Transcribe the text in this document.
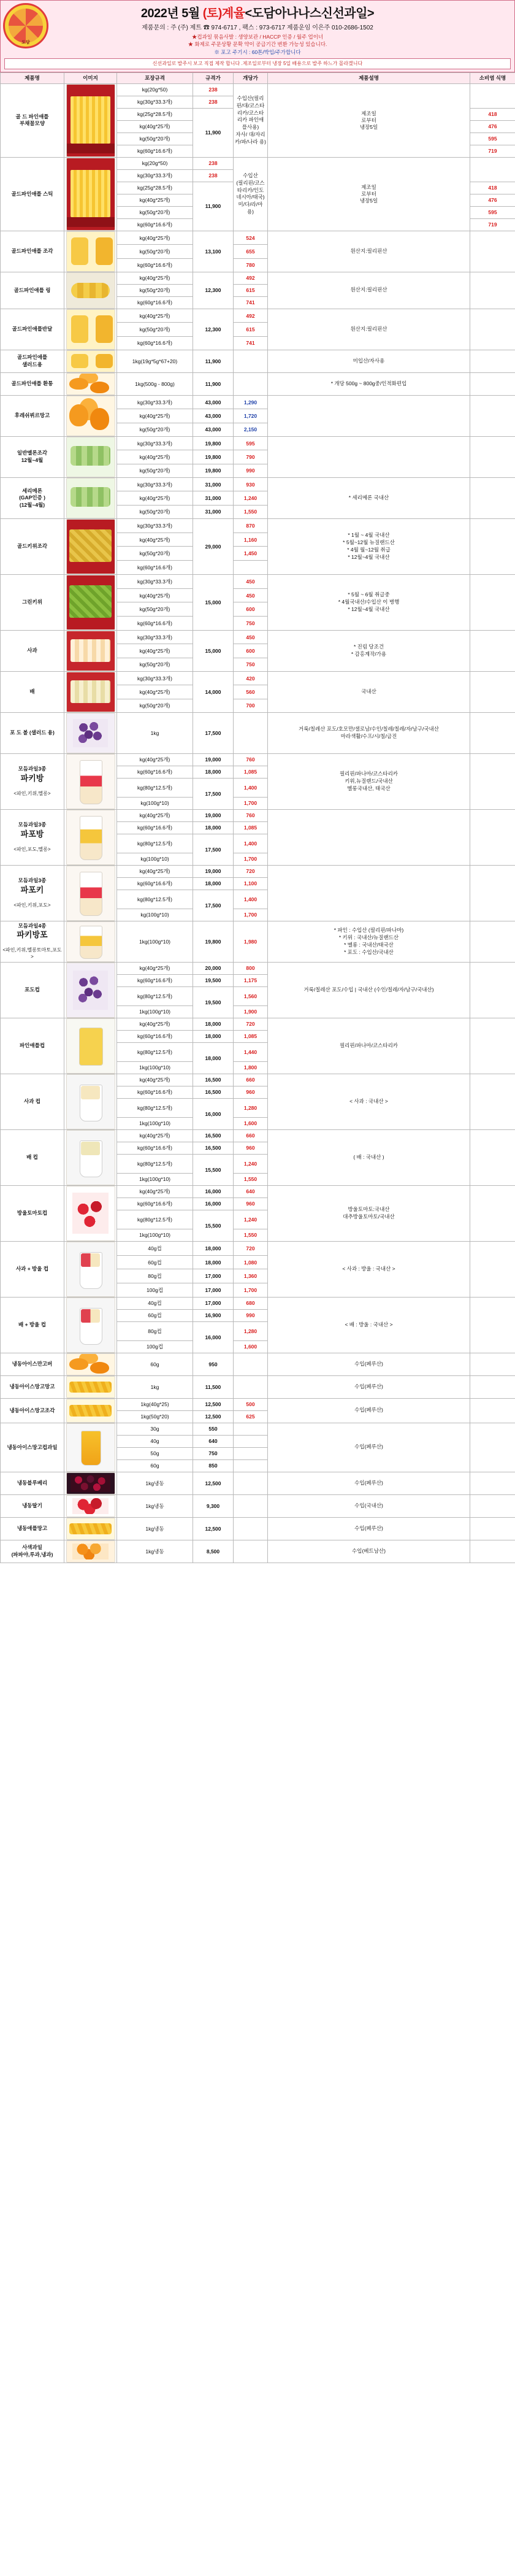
도담
2022년 5월 (토)계율<도담아나나스신선과일>
제품문의 : 주 (주) 제트 ☎ 974-6717 , 팩스 : 973-6717 제품운임 이은주 010-2686-1502
★컵과일 묶음사발 : 생양보관 / HACCP 인증 / 월주 업이너
★ 화제로 주문상황 문확 약이 공급기간 변환 가능성 있습니다.
※ 포고 주기시 : 60톤/박입/주가합니다
신선과일로 발주시 보고 직접 제작 합니다 .제조일로부터 냉장 5일 배용으로 발주 하느가 몰라겠니다
제품명	이미지	포장규격	규격가	개당가	제품설명	소비염 식명
골 드 파인애플
부채꼴모양		kg(20g*50)	238	수입산(필리핀/대/코스타리카/코스타리카 파인애플사용)
자사/ 대/자리카/파/나라 용)	제조일
로부터
냉장5일	
		kg(30g*33.3개)	238			
		kg(25g*28.5개)	11,900			418
		kg(40g*25개)				476
		kg(50g*20개)				595
		kg(60g*16.6개)				719
골드파인애플 스틱		kg(20g*50)	238	수입산
(필리핀/코스타리카/인도네시아/태국)
미/다/라/마 용)	제조일
로부터
냉장5일	
		kg(30g*33.3개)	238			
		kg(25g*28.5개)	11,900			418
		kg(40g*25개)				476
		kg(50g*20개)				595
		kg(60g*16.6개)				719
골드파인애플 조각		kg(40g*25개)	13,100	524	원산지:필리핀산	
		kg(50g*20개)		655		
		kg(60g*16.6개)		780		
골드파인애플 링		kg(40g*25개)	12,300	492	원산지:필리핀산	
		kg(50g*20개)		615		
		kg(60g*16.6개)		741		
골드파인애플반달		kg(40g*25개)	12,300	492	원산지:필리핀산	
		kg(50g*20개)		615		
		kg(60g*16.6개)		741		
골드파인애플
샐러드용		1kg(19g*5g*67+20)	11,900		미입산/자사용	
골드파인애플 환통		1kg(500g - 800g)	11,900		* 개당 500g ~ 800g중/인적화편입	
후레쉬뷔르망고		kg(30g*33.3개)	43,000	1,290		
		kg(40g*25개)	43,000	1,720		
		kg(50g*20개)	43,000	2,150		
일반멜론조각
12월~4월		kg(30g*33.3개)	19,800	595		
		kg(40g*25개)	19,800	790		
		kg(50g*20개)	19,800	990		
세리메론
(GAP인증 )
(12월~4월)		kg(30g*33.3개)	31,000	930	* 세리메론 국내산	
		kg(40g*25개)	31,000	1,240		
		kg(50g*20개)	31,000	1,550		
골드키위조각		kg(30g*33.3개)	29,000	870	* 1월 ~ 4월 국내산
* 5월~12월 뉴질랜드산
* 4월 월~12월 취급
* 12월~4월 국내산	
		kg(40g*25개)		1,160		
		kg(50g*20개)		1,450		
		kg(60g*16.6개)				
그린키위		kg(30g*33.3개)	15,000	450	* 5월 ~ 6월 취급중
* 4월국내산/수입산 이 병행
* 12월~4월 국내산	
		kg(40g*25개)		450		
		kg(50g*20개)		600		
		kg(60g*16.6개)		750		
사과		kg(30g*33.3개)	15,000	450	* 진림 당조건
* 감홍계작/가용	
		kg(40g*25개)		600		
		kg(50g*20개)		750		
배		kg(30g*33.3개)	14,000	420	국내산	
		kg(40g*25개)		560		
		kg(50g*20개)		700		
포 도 볼 (샐러드 용)		1kg	17,500		거룩/칠레산 포도/호모만/샐로남/수인/칠레/칠레/자/남구/국내산
마라색활/수프/시/칠/금진	
모듬과일3종

파키방

<파인,키위,멜롱>		kg(40g*25개)	19,000	760	필리핀/파나마/코스타리카
키위,뉴질랜드/국내산
멜롱국내산, 태국산	
		kg(60g*16.6개)	18,000	1,085		
		kg(80g*12.5개)	17,500	1,400		
		kg(100g*10)		1,700		
모듬과일3종

파포방

<파인,포도,멜롱>		kg(40g*25개)	19,000	760		
		kg(60g*16.6개)	18,000	1,085		
		kg(80g*12.5개)	17,500	1,400		
		kg(100g*10)		1,700		
모듬과일3종

파포키

<파인,키위,포도>		kg(40g*25개)	19,000	720		
		kg(60g*16.6개)	18,000	1,100		
		kg(80g*12.5개)	17,500	1,400		
		kg(100g*10)		1,700		
모듬과일4종

파키방포

<파인,키위,멜롱토마토,포도>		1kg(100g*10)	19,800	1,980	* 파인 : 수입산 (필리핀/파나마)
* 키위 : 국내산/뉴질랜드산
* 멜롱 : 국내산/태국산
* 포도 : 수입산/국내산	
포도컵		kg(40g*25개)	20,000	800	거룩/칠레산 포도/수입 | 국내산 (수인/칠레/자/남구/국내산)	
		kg(60g*16.6개)	19,500	1,175		
		kg(80g*12.5개)	19,500	1,560		
		1kg(100g*10)		1,900		
파인애플컵		kg(40g*25개)	18,000	720	필리핀/파나마/코스타리카	
		kg(60g*16.6개)	18,000	1,085		
		kg(80g*12.5개)	18,000	1,440		
		1kg(100g*10)		1,800		
사과 컵		kg(40g*25개)	16,500	660	< 사과 : 국내산 >	
		kg(60g*16.6개)	16,500	960		
		kg(80g*12.5개)	16,000	1,280		
		1kg(100g*10)		1,600		
배 컵		kg(40g*25개)	16,500	660	( 배 : 국내산 )	
		kg(60g*16.6개)	16,500	960		
		kg(80g*12.5개)	15,500	1,240		
		1kg(100g*10)		1,550		
방울토마토컵		kg(40g*25개)	16,000	640	방울토마토:국내산
대추방울토마토/국내산	
		kg(60g*16.6개)	16,000	960		
		kg(80g*12.5개)	15,500	1,240		
		1kg(100g*10)		1,550		
사과 + 방울 컵		40g컵	18,000	720	< 사과 : 방울 : 국내산 >	
		60g컵	18,000	1,080		
		80g컵	17,000	1,360		
		100g컵	17,000	1,700		
배 + 방울 컵		40g컵	17,000	680	< 배 : 방울 : 국내산 >	
		60g컵	16,900	990		
		80g컵	16,000	1,280		
		100g컵		1,600		
냉동아이스만고버		60g	950		수입(페루산)	
냉동아이스망고망고		1kg	11,500		수입(페루산)	
냉동아이스망고조각		1kg(40g*25)	12,500	500	수입(페루산)	
		1kg(50g*20)	12,500	625		
냉동아이스망고컵과일		30g	550		수입(페루산)	
		40g	640			
		50g	750			
		60g	850			
냉동블루베리		1kg냉동	12,500		수입(페루산)	
냉동딸기		1kg냉동	9,300		수입(국내산)	
냉동애플망고		1kg냉동	12,500		수입(페루산)	
사색과일
(파파야,루과,냉과)		1kg냉동	8,500		수입(베트남산)	
